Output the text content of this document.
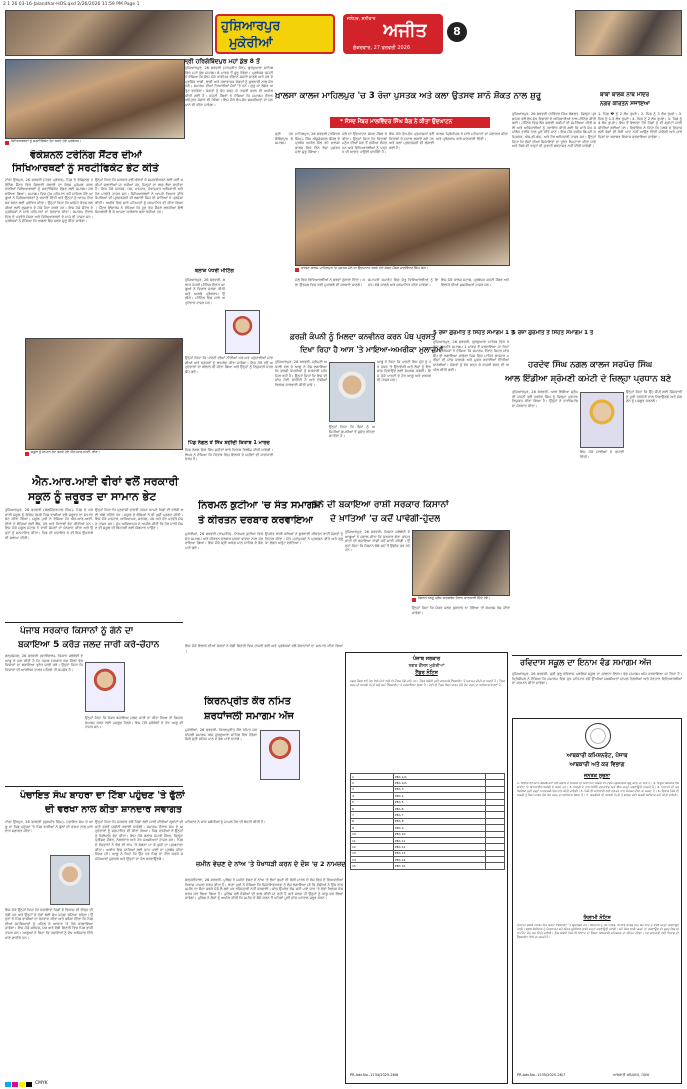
2 1 26 03-16-Jalandhar-HOS.qxd 2/26/2026 11:59 PM Page 1
ਹੁਸ਼ਿਆਰਪੁਰ
ਮੁਕੇਰੀਆਂ
ਜਲੰਧਰ, ਸ਼ਨੀਵਾਰ
ਅਜੀਤ
ਸ਼ੁੱਕਰਵਾਰ, 27 ਫਰਵਰੀ 2026
8
ਸਿਖਿਆਰਥਣਾਂ ਨੂੰ ਸਰਟੀਫਿਕੇਟ ਭੇਟ ਕਰਦੇ ਹੋਏ ਪ੍ਰਬੰਧਕ।
ਸ੍ਰੀ ਹਰਿਗੋਬਿੰਦਪੁਰ ਮਹਾਂ ਕੁੰਭ 8 ਤੋਂ
ਵੋਕੇਸ਼ਨਲ ਟਰੇਨਿੰਗ ਸੈਂਟਰ ਦੀਆਂ
ਸਿਖਿਆਰਥਣਾਂ ਨੂੰ ਸਰਟੀਫਿਕੇਟ ਭੇਟ ਕੀਤੇ
ਟਾਂਡਾ ਉੜਮੁੜ, 26 ਫਰਵਰੀ (ਪੱਤਰ ਪ੍ਰੇਰਕ)- ਪਿੰਡ ਦੇ ਵੋਕੇਸ਼ਨਲ ਟਰੇਨਿੰਗ ਸੈਂਟਰ ਵਿਖੇ ਸਿਲਾਈ ਕਢਾਈ ਦਾ ਕੋਰਸ ਮੁਕੰਮਲ ਕਰਨ ਵਾਲੀਆਂ ਸਿਖਿਆਰਥਣਾਂ ਨੂੰ ਸਰਟੀਫਿਕੇਟ ਵੰਡਣ ਲਈ ਸਮਾਗਮ ਕਰਵਾਇਆ ਗਿਆ। ਸਮਾਗਮ ਵਿਚ ਮੁੱਖ ਮਹਿਮਾਨ ਵਜੋਂ ਸ਼ਾਮਿਲ ਹੋਏ ਆਗੂਆਂ ਨੇ ਸਿਖਿਆਰਥਣਾਂ ਨੂੰ ਵਧਾਈ ਦਿੱਤੀ ਅਤੇ ਉਨ੍ਹਾਂ ਨੂੰ ਆਤਮ ਨਿਰਭਰ ਬਣਨ ਲਈ ਪ੍ਰੇਰਿਤ ਕੀਤਾ। ਉਨ੍ਹਾਂ ਕਿਹਾ ਕਿ ਅਜਿਹੇ ਕੋਰਸ ਲੜਕੀਆਂ ਲਈ ਰੁਜ਼ਗਾਰ ਦੇ ਮੌਕੇ ਪੈਦਾ ਕਰਦੇ ਹਨ। ਇਸ ਮੌਕੇ ਸੈਂਟਰ ਦੇ ਪ੍ਰਬੰਧਕਾਂ ਨੇ ਸਾਰੇ ਮਹਿਮਾਨਾਂ ਦਾ ਧੰਨਵਾਦ ਕੀਤਾ। ਸਮਾਗਮ ਦੌਰਾਨ ਪਿੰਡ ਦੇ ਪਤਵੰਤੇ ਸੱਜਣ ਅਤੇ ਸਿਖਿਆਰਥਣਾਂ ਦੇ ਮਾਪੇ ਵੀ ਹਾਜ਼ਰ ਸਨ। ਪ੍ਰਬੰਧਕਾਂ ਨੇ ਦੱਸਿਆ ਕਿ ਅਗਲਾ ਬੈਚ ਜਲਦ ਸ਼ੁਰੂ ਕੀਤਾ ਜਾਵੇਗਾ।
ਉਨ੍ਹਾਂ ਕਿਹਾ ਕਿ ਸਰਕਾਰ ਵਲੋਂ ਔਰਤਾਂ ਦੇ ਸਸ਼ਕਤੀਕਰਨ ਲਈ ਕਈ ਸਕੀਮਾਂ ਚਲਾਈਆਂ ਜਾ ਰਹੀਆਂ ਹਨ, ਜਿਨ੍ਹਾਂ ਦਾ ਲਾਭ ਲੈਣਾ ਚਾਹੀਦਾ ਹੈ। ਇਸ ਮੌਕੇ ਸਰਪੰਚ, ਪੰਚ, ਮਾਸਟਰ, ਸੇਵਾਮੁਕਤ ਅਧਿਕਾਰੀ ਅਤੇ ਹੋਰ ਪਤਵੰਤੇ ਹਾਜ਼ਰ ਸਨ। ਸਿਖਿਆਰਥਣਾਂ ਨੇ ਆਪਣੇ ਤਿਆਰ ਕੀਤੇ ਕੱਪੜਿਆਂ ਦੀ ਪ੍ਰਦਰਸ਼ਨੀ ਵੀ ਲਗਾਈ ਜਿਸ ਦੀ ਸਾਰਿਆਂ ਨੇ ਪ੍ਰਸ਼ੰਸਾ ਕੀਤੀ। ਅਖੀਰ ਵਿਚ ਸਾਰੇ ਮਹਿਮਾਨਾਂ ਨੂੰ ਸਨਮਾਨਿਤ ਵੀ ਕੀਤਾ ਗਿਆ। ਸੈਂਟਰ ਇੰਚਾਰਜ ਨੇ ਦੱਸਿਆ ਕਿ ਹੁਣ ਤੱਕ ਸੈਂਕੜੇ ਲੜਕੀਆਂ ਇਥੋਂ ਸਿਖਲਾਈ ਲੈ ਕੇ ਆਪਣਾ ਕਾਰੋਬਾਰ ਚਲਾ ਰਹੀਆਂ ਹਨ।
ਸਕੂਲ ਨੂੰ ਸਾਮਾਨ ਭੇਟ ਕਰਦੇ ਹੋਏ ਐਨ.ਆਰ.ਆਈ. ਵੀਰ।
ਐਨ.ਆਰ.ਆਈ ਵੀਰਾਂ ਵਲੋਂ ਸਰਕਾਰੀ
ਸਕੂਲ ਨੂੰ ਜ਼ਰੂਰਤ ਦਾ ਸਾਮਾਨ ਭੇਟ
ਹੁਸ਼ਿਆਰਪੁਰ, 26 ਫਰਵਰੀ (ਬਲਜਿੰਦਰਪਾਲ ਸਿੰਘ)- ਪਿੰਡ ਦੇ ਸਰਕਾਰੀ ਸਕੂਲ ਨੂੰ ਵਿਦੇਸ਼ ਵਸਦੇ ਪਿੰਡ ਵਾਸੀਆਂ ਵਲੋਂ ਜ਼ਰੂਰਤ ਦਾ ਸਾਮਾਨ ਭੇਟ ਕੀਤਾ ਗਿਆ। ਸਕੂਲ ਮੁਖੀ ਨੇ ਦੱਸਿਆ ਕਿ ਐਨ.ਆਰ.ਆਈ. ਵੀਰਾਂ ਨੇ ਬੱਚਿਆਂ ਲਈ ਬੈਂਚ, ਪੱਖੇ ਅਤੇ ਕਿਤਾਬਾਂ ਭੇਟ ਕੀਤੀਆਂ ਹਨ। ਇਸ ਮੌਕੇ ਸਕੂਲ ਸਟਾਫ਼ ਨੇ ਦਾਨੀ ਸੱਜਣਾਂ ਦਾ ਧੰਨਵਾਦ ਕੀਤਾ ਅਤੇ ਉਨ੍ਹਾਂ ਨੂੰ ਸਨਮਾਨਿਤ ਕੀਤਾ। ਪਿੰਡ ਦੀ ਪੰਚਾਇਤ ਨੇ ਵੀ ਇਸ ਉਪਰਾਲੇ ਦੀ ਸ਼ਲਾਘਾ ਕੀਤੀ।
ਉਨ੍ਹਾਂ ਕਿਹਾ ਕਿ ਪ੍ਰਵਾਸੀ ਭਾਰਤੀ ਹਮੇਸ਼ਾ ਆਪਣੇ ਪਿੰਡਾਂ ਦੀ ਤਰੱਕੀ ਲਈ ਅੱਗੇ ਰਹਿੰਦੇ ਹਨ। ਸਕੂਲ ਦੇ ਬੱਚਿਆਂ ਨੇ ਵੀ ਖੁਸ਼ੀ ਪ੍ਰਗਟ ਕੀਤੀ। ਇਸ ਮੌਕੇ ਮਾਸਟਰ, ਅਧਿਆਪਕ, ਸਰਪੰਚ, ਪੰਚ ਅਤੇ ਹੋਰ ਪਤਵੰਤੇ ਸੱਜਣ ਹਾਜ਼ਰ ਸਨ। ਮੁੱਖ ਅਧਿਆਪਕ ਨੇ ਅਪੀਲ ਕੀਤੀ ਕਿ ਹੋਰ ਦਾਨੀ ਸੱਜਣ ਵੀ ਸਕੂਲ ਦੀ ਬਿਹਤਰੀ ਲਈ ਯੋਗਦਾਨ ਪਾਉਣ।
ਪੰਜਾਬ ਸਰਕਾਰ ਕਿਸਾਨਾਂ ਨੂੰ ਗੰਨੇ ਦਾ
ਬਕਾਇਆ 5 ਕਰੋੜ ਜਲਦ ਜਾਰੀ ਕਰੇ-ਚੌਹਾਨ
ਗੜ੍ਹਸ਼ੰਕਰ, 26 ਫਰਵਰੀ (ਧਾਲੀਵਾਲ)- ਕਿਸਾਨ ਜਥੇਬੰਦੀ ਦੇ ਆਗੂ ਨੇ ਮੰਗ ਕੀਤੀ ਹੈ ਕਿ ਪੰਜਾਬ ਸਰਕਾਰ ਖੰਡ ਮਿੱਲਾਂ ਵੱਲ ਕਿਸਾਨਾਂ ਦਾ ਬਕਾਇਆ ਤੁਰੰਤ ਜਾਰੀ ਕਰੇ। ਉਨ੍ਹਾਂ ਕਿਹਾ ਕਿ ਕਿਸਾਨਾਂ ਦੀ ਆਰਥਿਕ ਹਾਲਤ ਪਹਿਲਾਂ ਹੀ ਕਮਜ਼ੋਰ ਹੈ।
ਉਨ੍ਹਾਂ ਕਿਹਾ ਕਿ ਜੇਕਰ ਬਕਾਇਆ ਜਲਦ ਜਾਰੀ ਨਾ ਕੀਤਾ ਗਿਆ ਤਾਂ ਕਿਸਾਨ ਸੰਘਰਸ਼ ਕਰਨ ਲਈ ਮਜਬੂਰ ਹੋਣਗੇ। ਇਸ ਮੌਕੇ ਜਥੇਬੰਦੀ ਦੇ ਹੋਰ ਆਗੂ ਵੀ ਹਾਜ਼ਰ ਸਨ।
ਪੰਚਾਇਤ ਸੰਘ ਬਾਹਰਾ ਦਾ ਟਿੱਬਾ ਪਹੁੰਚਣ 'ਤੇ ਫੁੱਲਾਂ
ਦੀ ਵਰਖਾ ਨਾਲ ਕੀਤਾ ਸ਼ਾਨਦਾਰ ਸਵਾਗਤ
ਟਾਂਡਾ ਉੜਮੁੜ, 26 ਫਰਵਰੀ (ਗੁਰਮੀਤ ਸਿੰਘ)- ਪੰਚਾਇਤ ਸੰਘ ਦੇ ਆਗੂ ਦਾ ਪਿੰਡ ਪਹੁੰਚਣ 'ਤੇ ਪਿੰਡ ਵਾਸੀਆਂ ਨੇ ਫੁੱਲਾਂ ਦੀ ਵਰਖਾ ਨਾਲ ਸ਼ਾਨਦਾਰ ਸਵਾਗਤ ਕੀਤਾ।
ਇਸ ਮੌਕੇ ਉਨ੍ਹਾਂ ਕਿਹਾ ਕਿ ਪੰਚਾਇਤਾਂ ਪਿੰਡਾਂ ਦੇ ਵਿਕਾਸ ਦੀ ਰੀੜ੍ਹ ਦੀ ਹੱਡੀ ਹਨ ਅਤੇ ਉਨ੍ਹਾਂ ਦੇ ਹੱਕਾਂ ਲਈ ਸੰਘ ਹਮੇਸ਼ਾ ਡਟਿਆ ਰਹੇਗਾ। ਉਨ੍ਹਾਂ ਨੇ ਪਿੰਡ ਵਾਸੀਆਂ ਦਾ ਧੰਨਵਾਦ ਕੀਤਾ ਅਤੇ ਭਰੋਸਾ ਦਿੱਤਾ ਕਿ ਪਿੰਡ ਦੀਆਂ ਸਮੱਸਿਆਵਾਂ ਨੂੰ ਪਹਿਲ ਦੇ ਆਧਾਰ 'ਤੇ ਹੱਲ ਕਰਵਾਇਆ ਜਾਵੇਗਾ। ਇਸ ਮੌਕੇ ਸਰਪੰਚ, ਪੰਚ ਅਤੇ ਵੱਡੀ ਗਿਣਤੀ ਵਿਚ ਪਿੰਡ ਵਾਸੀ ਹਾਜ਼ਰ ਸਨ। ਆਗੂਆਂ ਨੇ ਕਿਹਾ ਕਿ ਪੰਚਾਇਤਾਂ ਨੂੰ ਵੱਧ ਅਧਿਕਾਰ ਦਿੱਤੇ ਜਾਣੇ ਚਾਹੀਦੇ ਹਨ।
ਉਨ੍ਹਾਂ ਕਿਹਾ ਕਿ ਸਰਕਾਰ ਵਲੋਂ ਪਿੰਡਾਂ ਲਈ ਜਾਰੀ ਕੀਤੀਆਂ ਗ੍ਰਾਂਟਾਂ ਦੀ ਸਹੀ ਵਰਤੋਂ ਯਕੀਨੀ ਬਣਾਈ ਜਾਵੇਗੀ। ਸਮਾਗਮ ਦੌਰਾਨ ਸੰਘ ਦੇ ਅਹੁਦੇਦਾਰਾਂ ਨੂੰ ਸਨਮਾਨਿਤ ਵੀ ਕੀਤਾ ਗਿਆ। ਪਿੰਡ ਵਾਸੀਆਂ ਨੇ ਉਨ੍ਹਾਂ ਨੂੰ ਸਿਰੋਪਾਓ ਭੇਟ ਕੀਤਾ। ਇਸ ਮੌਕੇ ਬਲਾਕ ਸੰਮਤੀ ਮੈਂਬਰ, ਜ਼ਿਲ੍ਹਾ ਪ੍ਰੀਸ਼ਦ ਮੈਂਬਰ, ਨੰਬਰਦਾਰ ਅਤੇ ਹੋਰ ਸ਼ਖ਼ਸੀਅਤਾਂ ਹਾਜ਼ਰ ਸਨ। ਪਿੰਡ ਦੇ ਨੌਜਵਾਨਾਂ ਨੇ ਢੋਲ ਦੀ ਥਾਪ 'ਤੇ ਭੰਗੜਾ ਪਾ ਕੇ ਖੁਸ਼ੀ ਦਾ ਪ੍ਰਗਟਾਵਾ ਕੀਤਾ। ਅਖੀਰ ਵਿਚ ਸਾਰਿਆਂ ਲਈ ਚਾਹ ਪਾਣੀ ਦਾ ਪ੍ਰਬੰਧ ਕੀਤਾ ਗਿਆ ਸੀ। ਆਗੂ ਨੇ ਕਿਹਾ ਕਿ ਉਹ ਹਰ ਪਿੰਡ ਦਾ ਦੌਰਾ ਕਰਕੇ ਸਮੱਸਿਆਵਾਂ ਸੁਣਨਗੇ ਅਤੇ ਉਨ੍ਹਾਂ ਦਾ ਹੱਲ ਕਰਵਾਉਣਗੇ।
ਹੁਸ਼ਿਆਰਪੁਰ, 26 ਫਰਵਰੀ (ਹਰਪ੍ਰੀਤ ਕੌਰ)- ਗੁਰਦੁਆਰਾ ਸਾਹਿਬ ਵਿਖੇ ਮਹਾਂ ਕੁੰਭ ਸਮਾਗਮ 8 ਮਾਰਚ ਤੋਂ ਸ਼ੁਰੂ ਹੋਵੇਗਾ। ਪ੍ਰਬੰਧਕ ਕਮੇਟੀ ਨੇ ਦੱਸਿਆ ਕਿ ਇਸ ਮੌਕੇ ਧਾਰਮਿਕ ਦੀਵਾਨ ਸਜਾਏ ਜਾਣਗੇ ਅਤੇ ਪੰਥ ਦੇ ਪ੍ਰਸਿੱਧ ਰਾਗੀ, ਢਾਡੀ ਅਤੇ ਕਥਾਵਾਚਕ ਸੰਗਤਾਂ ਨੂੰ ਗੁਰਬਾਣੀ ਨਾਲ ਜੋੜਨਗੇ। ਸਮਾਗਮ ਦੀਆਂ ਤਿਆਰੀਆਂ ਜ਼ੋਰਾਂ 'ਤੇ ਹਨ। ਗੁਰੂ ਕਾ ਲੰਗਰ ਅਤੁੱਟ ਵਰਤੇਗਾ। ਸੰਗਤਾਂ ਨੂੰ ਵੱਧ ਚੜ੍ਹ ਕੇ ਹਾਜ਼ਰੀ ਭਰਨ ਦੀ ਅਪੀਲ ਕੀਤੀ ਗਈ ਹੈ। ਕਮੇਟੀ ਮੈਂਬਰਾਂ ਨੇ ਦੱਸਿਆ ਕਿ ਸਮਾਗਮ ਦੌਰਾਨ ਅੰਮ੍ਰਿਤ ਸੰਚਾਰ ਵੀ ਹੋਵੇਗਾ। ਇਸ ਮੌਕੇ ਵੱਖ-ਵੱਖ ਸ਼ਖ਼ਸੀਅਤਾਂ ਦਾ ਸਨਮਾਨ ਵੀ ਕੀਤਾ ਜਾਵੇਗਾ।
ਬਲਾਕ ਪੱਧਰੀ ਮੀਟਿੰਗ
ਹੁਸ਼ਿਆਰਪੁਰ, 26 ਫਰਵਰੀ- ਬਲਾਕ ਪੱਧਰੀ ਮੀਟਿੰਗ ਦੌਰਾਨ ਆਗੂਆਂ ਨੇ ਵਿਚਾਰ ਚਰਚਾ ਕੀਤੀ ਅਤੇ ਅਗਲੇ ਪ੍ਰੋਗਰਾਮ ਉਲੀਕੇ। ਮੀਟਿੰਗ ਵਿਚ ਸਾਰੇ ਅਹੁਦੇਦਾਰ ਹਾਜ਼ਰ ਸਨ।
ਉਨ੍ਹਾਂ ਕਿਹਾ ਕਿ ਪਾਰਟੀ ਦੀਆਂ ਨੀਤੀਆਂ ਘਰ-ਘਰ ਪਹੁੰਚਾਈਆਂ ਜਾਣਗੀਆਂ ਅਤੇ ਵਰਕਰਾਂ ਨੂੰ ਲਾਮਬੰਦ ਕੀਤਾ ਜਾਵੇਗਾ। ਇਸ ਮੌਕੇ ਨਵੇਂ ਅਹੁਦੇਦਾਰਾਂ ਦਾ ਐਲਾਨ ਵੀ ਕੀਤਾ ਗਿਆ ਅਤੇ ਉਨ੍ਹਾਂ ਨੂੰ ਨਿਯੁਕਤੀ ਪੱਤਰ ਸੌਂਪੇ ਗਏ।
ਪਿੰਡ ਨੰਗਲ ਤੋਂ ਸਿੱਖ ਸ਼ਹੀਦੀ ਕਿਤਾਬ 1 ਮਾਰਚ
ਪਿੰਡ ਨੰਗਲ ਵਿਖੇ ਸਿੱਖ ਸ਼ਹੀਦਾਂ ਬਾਰੇ ਕਿਤਾਬ ਰਿਲੀਜ਼ ਕੀਤੀ ਜਾਵੇਗੀ। ਲੇਖਕ ਨੇ ਦੱਸਿਆ ਕਿ ਕਿਤਾਬ ਵਿਚ ਇਲਾਕੇ ਦੇ ਸ਼ਹੀਦਾਂ ਦੀ ਜਾਣਕਾਰੀ ਦਰਜ ਹੈ।
ਖ਼ਾਲਸਾ ਕਾਲਜ ਮਾਹਿਲਪੁਰ 'ਚ 3 ਰੋਜ਼ਾ ਪੁਸਤਕ ਅਤੇ ਕਲਾ ਉਤਸਵ ਸ਼ਾਨੋ ਸ਼ੌਕਤ ਨਾਲ ਸ਼ੁਰੂ
* ਸੰਸਦ ਮੈਂਬਰ ਮਾਲਵਿੰਦਰ ਸਿੰਘ ਕੰਗ ਨੇ ਕੀਤਾ ਉਦਘਾਟਨ
ਮਾਹਿਲਪੁਰ, 26 ਫਰਵਰੀ (ਰਜਿੰਦਰ ਸਿੰਘ)- ਸਿੱਖ ਐਜੂਕੇਸ਼ਨਲ ਕੌਂਸਲ ਦੇ ਪ੍ਰਬੰਧ ਅਧੀਨ ਚੱਲ ਰਹੇ ਖ਼ਾਲਸਾ ਕਾਲਜ ਵਿਖੇ ਤਿੰਨ ਰੋਜ਼ਾ ਪੁਸਤਕ ਮੇਲਾ ਸ਼ੁਰੂ ਹੋਇਆ।
ਮੇਲੇ ਦਾ ਉਦਘਾਟਨ ਸੰਸਦ ਮੈਂਬਰ ਨੇ ਕੀਤਾ। ਉਨ੍ਹਾਂ ਕਿਹਾ ਕਿ ਕਿਤਾਬਾਂ ਮਨੁੱਖ ਦੀਆਂ ਸਭ ਤੋਂ ਵਧੀਆ ਦੋਸਤ ਹਨ ਅਤੇ ਵਿਦਿਆਰਥੀਆਂ ਨੂੰ ਪੜ੍ਹਨ ਦੀ ਆਦਤ ਪਾਉਣੀ ਚਾਹੀਦੀ ਹੈ।
ਇਸ ਮੌਕੇ ਵੱਖ-ਵੱਖ ਪ੍ਰਕਾਸ਼ਕਾਂ ਵਲੋਂ ਕਿਤਾਬਾਂ ਦੇ ਸਟਾਲ ਲਗਾਏ ਗਏ ਹਨ ਅਤੇ ਕਲਾ ਪ੍ਰਦਰਸ਼ਨੀ ਵੀ ਲਗਾਈ ਗਈ ਹੈ।
ਕਾਲਜ ਪ੍ਰਿੰਸੀਪਲ ਨੇ ਸਾਰੇ ਮਹਿਮਾਨਾਂ ਦਾ ਸਵਾਗਤ ਕੀਤਾ ਅਤੇ ਪ੍ਰੋਗਰਾਮ ਬਾਰੇ ਜਾਣਕਾਰੀ ਦਿੱਤੀ।
ਖ਼ਾਲਸਾ ਕਾਲਜ ਮਾਹਿਲਪੁਰ 'ਚ ਪੁਸਤਕ ਮੇਲੇ ਦਾ ਉਦਘਾਟਨ ਕਰਦੇ ਹੋਏ ਸੰਸਦ ਮੈਂਬਰ ਮਾਲਵਿੰਦਰ ਸਿੰਘ ਕੰਗ।
ਸ੍ਰੀ ਹਰਗੋਬਿੰਦਪੁਰ ਦੇ ਸਮਾਗਮ
ਮੇਲੇ ਵਿਚ ਵਿਦਿਆਰਥੀਆਂ ਨੇ ਭਰਵਾਂ ਹੁੰਗਾਰਾ ਦਿੱਤਾ। ਕਲਾ ਉਤਸਵ ਵਿਚ ਕਈ ਮੁਕਾਬਲੇ ਵੀ ਕਰਵਾਏ ਜਾਣਗੇ।
ਸਮਾਪਤੀ ਸਮਾਰੋਹ ਵਿਚ ਜੇਤੂ ਵਿਦਿਆਰਥੀਆਂ ਨੂੰ ਇਨਾਮ ਵੰਡੇ ਜਾਣਗੇ ਅਤੇ ਸਨਮਾਨਿਤ ਕੀਤਾ ਜਾਵੇਗਾ।
ਇਸ ਮੌਕੇ ਕਾਲਜ ਸਟਾਫ਼, ਪ੍ਰਬੰਧਕ ਕਮੇਟੀ ਮੈਂਬਰ ਅਤੇ ਇਲਾਕੇ ਦੀਆਂ ਸ਼ਖ਼ਸੀਅਤਾਂ ਹਾਜ਼ਰ ਸਨ।
ਫ਼ਰਜ਼ੀ ਕੰਪਨੀ ਨੂੰ ਮਿਲਦਾ ਕਨਵੀਨਰ ਕਰਨ ਪੰਥ ਪ੍ਰਸਤ
ਦਿਖਾ ਰਿਹਾ ਹੈ ਆਸ 'ਤੇ ਮਾਇਆ-ਅਮਰੀਕਾ ਮੁਲਾਜ਼ਮਾਂ
ਹੁਸ਼ਿਆਰਪੁਰ, 26 ਫਰਵਰੀ- ਸ਼੍ਰੋਮਣੀ ਅਕਾਲੀ ਦਲ ਦੇ ਆਗੂ ਨੇ ਦੋਸ਼ ਲਗਾਇਆ ਕਿ ਫ਼ਰਜ਼ੀ ਕੰਪਨੀਆਂ ਨੂੰ ਸਰਕਾਰੀ ਸ਼ਹਿ ਮਿਲ ਰਹੀ ਹੈ। ਉਨ੍ਹਾਂ ਕਿਹਾ ਕਿ ਇਸ ਦੀ ਜਾਂਚ ਹੋਣੀ ਚਾਹੀਦੀ ਹੈ ਅਤੇ ਦੋਸ਼ੀਆਂ ਖਿਲਾਫ਼ ਕਾਰਵਾਈ ਕੀਤੀ ਜਾਵੇ।
ਉਨ੍ਹਾਂ ਕਿਹਾ ਕਿ ਲੋਕਾਂ ਨੂੰ ਅਜਿਹੀਆਂ ਕੰਪਨੀਆਂ ਤੋਂ ਸੁਚੇਤ ਰਹਿਣਾ ਚਾਹੀਦਾ ਹੈ।
ਆਗੂ ਨੇ ਕਿਹਾ ਕਿ ਪਾਰਟੀ ਇਸ ਮੁੱਦੇ ਨੂੰ ਹਰ ਪੱਧਰ 'ਤੇ ਉਠਾਏਗੀ ਅਤੇ ਲੋਕਾਂ ਨੂੰ ਇਨਸਾਫ਼ ਦਿਵਾਉਣ ਲਈ ਸੰਘਰਸ਼ ਕਰੇਗੀ। ਇਸ ਮੌਕੇ ਪਾਰਟੀ ਦੇ ਹੋਰ ਆਗੂ ਅਤੇ ਵਰਕਰ ਵੀ ਹਾਜ਼ਰ ਸਨ।
5 ਰੋਜ਼ਾ ਗੁਰਮਤਿ ਤੇ ਸਿਹਤ ਸਮਾਗਮ 1 ਤੋਂ
ਹੁਸ਼ਿਆਰਪੁਰ, 26 ਫਰਵਰੀ- ਗੁਰਦੁਆਰਾ ਸਾਹਿਬ ਵਿਖੇ 5 ਰੋਜ਼ਾ ਗੁਰਮਤਿ ਸਮਾਗਮ 1 ਮਾਰਚ ਤੋਂ ਕਰਵਾਇਆ ਜਾ ਰਿਹਾ ਹੈ। ਪ੍ਰਬੰਧਕਾਂ ਨੇ ਦੱਸਿਆ ਕਿ ਸਮਾਗਮ ਦੌਰਾਨ ਸਿਹਤ ਜਾਂਚ ਕੈਂਪ ਵੀ ਲਗਾਇਆ ਜਾਵੇਗਾ ਜਿਸ ਵਿਚ ਮਾਹਿਰ ਡਾਕਟਰ ਮਰੀਜ਼ਾਂ ਦੀ ਜਾਂਚ ਕਰਨਗੇ ਅਤੇ ਮੁਫ਼ਤ ਦਵਾਈਆਂ ਦਿੱਤੀਆਂ ਜਾਣਗੀਆਂ। ਸੰਗਤਾਂ ਨੂੰ ਵੱਧ ਚੜ੍ਹ ਕੇ ਹਾਜ਼ਰੀ ਭਰਨ ਦੀ ਅਪੀਲ ਕੀਤੀ ਗਈ।
ਬਾਬਾ ਬਾਲਕ ਨਾਥ ਮੰਦਿਰ
ਨਗਰ ਕੀਰਤਨ ਸਜਾਇਆ
ਹੁਸ਼ਿਆਰਪੁਰ, 26 ਫਰਵਰੀ (ਨਰਿੰਦਰ ਸਿੰਘ ਬੱਡਲਾ)- ਜ਼ਿਲ੍ਹਾ ਪ੍ਰਸ਼ਾਸਨ ਵਲੋਂ ਵੱਖ-ਵੱਖ ਵਿਭਾਗਾਂ ਦੇ ਅਧਿਕਾਰੀਆਂ ਨਾਲ ਮੀਟਿੰਗ ਕੀਤੀ ਗਈ। ਮੀਟਿੰਗ ਵਿਚ ਲੋਕ ਭਲਾਈ ਸਕੀਮਾਂ ਦੀ ਸਮੀਖਿਆ ਕੀਤੀ ਗਈ ਅਤੇ ਅਧਿਕਾਰੀਆਂ ਨੂੰ ਹਦਾਇਤ ਕੀਤੀ ਗਈ ਕਿ ਸਾਰੇ ਕੰਮ ਸਮਾਂਬੱਧ ਤਰੀਕੇ ਨਾਲ ਪੂਰੇ ਕੀਤੇ ਜਾਣ। ਇਸ ਮੌਕੇ ਵਧੀਕ ਡਿਪਟੀ ਕਮਿਸ਼ਨਰ, ਐਸ.ਡੀ.ਐਮ. ਅਤੇ ਹੋਰ ਅਧਿਕਾਰੀ ਹਾਜ਼ਰ ਸਨ। ਉਨ੍ਹਾਂ ਕਿਹਾ ਕਿ ਲੋਕਾਂ ਦੀਆਂ ਸ਼ਿਕਾਇਤਾਂ ਦਾ ਤੁਰੰਤ ਨਿਪਟਾਰਾ ਕੀਤਾ ਜਾਵੇ ਅਤੇ ਕਿਸੇ ਵੀ ਤਰ੍ਹਾਂ ਦੀ ਕੁਤਾਹੀ ਬਰਦਾਸ਼ਤ ਨਹੀਂ ਕੀਤੀ ਜਾਵੇਗੀ।
1. ਪਿੰਡ � ਨੂੰ 2 ਲੱਖ ਰੁਪਏ। 2. ਪਿੰਡ ਨੂੰ 3 ਲੱਖ ਰੁਪਏ। 3. ਪਿੰਡ ਨੂੰ 1.5 ਲੱਖ ਰੁਪਏ। 4. ਪਿੰਡ ਨੂੰ 2 ਲੱਖ ਰੁਪਏ। 5. ਪਿੰਡ ਨੂੰ 4 ਲੱਖ ਰੁਪਏ। ਇਸ ਤੋਂ ਇਲਾਵਾ ਹੋਰ ਪਿੰਡਾਂ ਨੂੰ ਵੀ ਗ੍ਰਾਂਟਾਂ ਜਾਰੀ ਕੀਤੀਆਂ ਗਈਆਂ ਹਨ। ਵਿਧਾਇਕ ਨੇ ਕਿਹਾ ਕਿ ਹਲਕੇ ਦੇ ਵਿਕਾਸ ਲਈ ਫੰਡਾਂ ਦੀ ਕੋਈ ਘਾਟ ਨਹੀਂ ਆਉਣ ਦਿੱਤੀ ਜਾਵੇਗੀ ਅਤੇ ਸਾਰੇ ਪਿੰਡਾਂ ਦਾ ਬਰਾਬਰ ਵਿਕਾਸ ਕਰਵਾਇਆ ਜਾਵੇਗਾ।
5 ਰੋਜ਼ਾ ਗੁਰਮਤਿ ਤੇ ਸਿਹਤ ਸਮਾਗਮ 1 ਤੋਂ
ਹਰਦੇਵ ਸਿੰਘ ਨਗਲ ਕਾਲਜ ਸਰਪੰਚ ਸਿੰਘ
ਆਲ ਇੰਡੀਆ ਸ਼੍ਰੋਮਣੀ ਕਮੇਟੀ ਦੇ ਜ਼ਿਲ੍ਹਾ ਪ੍ਰਧਾਨ ਬਣੇ
ਹੁਸ਼ਿਆਰਪੁਰ, 26 ਫਰਵਰੀ- ਆਲ ਇੰਡੀਆ ਸ਼੍ਰੋਮਣੀ ਕਮੇਟੀ ਵਲੋਂ ਹਰਦੇਵ ਸਿੰਘ ਨੂੰ ਜ਼ਿਲ੍ਹਾ ਪ੍ਰਧਾਨ ਨਿਯੁਕਤ ਕੀਤਾ ਗਿਆ ਹੈ। ਉਨ੍ਹਾਂ ਨੇ ਹਾਈਕਮਾਂਡ ਦਾ ਧੰਨਵਾਦ ਕੀਤਾ।
ਉਨ੍ਹਾਂ ਕਿਹਾ ਕਿ ਉਹ ਸੌਂਪੀ ਗਈ ਜ਼ਿੰਮੇਵਾਰੀ ਨੂੰ ਪੂਰੀ ਤਨਦੇਹੀ ਨਾਲ ਨਿਭਾਉਣਗੇ ਅਤੇ ਸੰਗਠਨ ਨੂੰ ਮਜ਼ਬੂਤ ਕਰਨਗੇ।
ਇਸ ਮੌਕੇ ਸਾਥੀਆਂ ਨੇ ਵਧਾਈ ਦਿੱਤੀ।
ਗੰਨੇ ਦੀ ਬਕਾਇਆ ਰਾਸ਼ੀ ਸਰਕਾਰ ਕਿਸਾਨਾਂ
ਦੇ ਖ਼ਾਤਿਆਂ 'ਚ ਕਦੋਂ ਪਾਵੇਗੀ-ਹੁੰਦਲ
ਹੁਸ਼ਿਆਰਪੁਰ, 26 ਫਰਵਰੀ- ਕਿਸਾਨ ਜਥੇਬੰਦੀ ਦੇ ਆਗੂਆਂ ਨੇ ਸਵਾਲ ਕੀਤਾ ਕਿ ਸਰਕਾਰ ਗੰਨਾ ਕਾਸ਼ਤਕਾਰਾਂ ਦੀ ਬਕਾਇਆ ਰਾਸ਼ੀ ਕਦੋਂ ਜਾਰੀ ਕਰੇਗੀ। ਉਨ੍ਹਾਂ ਕਿਹਾ ਕਿ ਕਿਸਾਨ ਲੰਬੇ ਸਮੇਂ ਤੋਂ ਉਡੀਕ ਕਰ ਰਹੇ ਹਨ।
ਕਿਸਾਨ ਆਗੂ ਪ੍ਰੈਸ ਕਾਨਫਰੰਸ ਦੌਰਾਨ ਜਾਣਕਾਰੀ ਦਿੰਦੇ ਹੋਏ।
ਉਨ੍ਹਾਂ ਕਿਹਾ ਕਿ ਜੇਕਰ ਜਲਦ ਭੁਗਤਾਨ ਨਾ ਹੋਇਆ ਤਾਂ ਸੰਘਰਸ਼ ਤੇਜ਼ ਕੀਤਾ ਜਾਵੇਗਾ।
ਨਿਰਮਲ ਕੁਟੀਆ 'ਚ ਸੰਤ ਸਮਾਗਮ
ਤੇ ਕੀਰਤਨ ਦਰਬਾਰ ਕਰਵਾਇਆ
ਮੁਕੇਰੀਆਂ, 26 ਫਰਵਰੀ (ਰਾਮਜੀਤ)- ਨਿਰਮਲ ਕੁਟੀਆ ਵਿਖੇ ਸੰਤ ਸਮਾਗਮ ਅਤੇ ਕੀਰਤਨ ਦਰਬਾਰ ਸ਼ਰਧਾ ਭਾਵਨਾ ਨਾਲ ਕਰਵਾਇਆ ਗਿਆ। ਇਸ ਮੌਕੇ ਸ੍ਰੀ ਅਖੰਡ ਪਾਠ ਸਾਹਿਬ ਦੇ ਭੋਗ ਪਾਏ ਗਏ।
ਉਪਰੰਤ ਰਾਗੀ ਜਥਿਆਂ ਨੇ ਗੁਰਬਾਣੀ ਕੀਰਤਨ ਰਾਹੀਂ ਸੰਗਤਾਂ ਨੂੰ ਨਿਹਾਲ ਕੀਤਾ। ਸੰਤ ਮਹਾਂਪੁਰਸ਼ਾਂ ਨੇ ਪ੍ਰਵਚਨ ਕੀਤੇ ਅਤੇ ਗੁਰੂ ਕਾ ਲੰਗਰ ਅਤੁੱਟ ਵਰਤਿਆ।
ਇਸ ਮੌਕੇ ਇਲਾਕੇ ਦੀਆਂ ਸੰਗਤਾਂ ਨੇ ਵੱਡੀ ਗਿਣਤੀ ਵਿਚ ਹਾਜ਼ਰੀ ਭਰੀ ਅਤੇ ਪ੍ਰਬੰਧਕਾਂ ਵਲੋਂ ਸੇਵਾਦਾਰਾਂ ਦਾ ਸਨਮਾਨ ਕੀਤਾ ਗਿਆ।
ਕਿਰਨਪ੍ਰੀਤ ਕੌਰ ਨਮਿਤ
ਸ਼ਰਧਾਂਜਲੀ ਸਮਾਗਮ ਅੱਜ
ਮੁਕੇਰੀਆਂ, 26 ਫਰਵਰੀ- ਕਿਰਨਪ੍ਰੀਤ ਕੌਰ ਨਮਿਤ ਸ਼ਰਧਾਂਜਲੀ ਸਮਾਗਮ ਅੱਜ ਗੁਰਦੁਆਰਾ ਸਾਹਿਬ ਵਿਖੇ ਹੋਵੇਗਾ ਜਿਥੇ ਸ੍ਰੀ ਸਹਿਜ ਪਾਠ ਦੇ ਭੋਗ ਪਾਏ ਜਾਣਗੇ।
ਪਰਿਵਾਰ ਨੇ ਸਾਕ ਸਬੰਧੀਆਂ ਨੂੰ ਸ਼ਾਮਲ ਹੋਣ ਦੀ ਬੇਨਤੀ ਕੀਤੀ ਹੈ।
ਜ਼ਮੀਨ ਵੇਚਣ ਦੇ ਨਾਂਅ 'ਤੇ ਧੋਖਾਧੜੀ ਕਰਨ ਦੇ ਦੋਸ਼ 'ਚ 2 ਨਾਮਜ਼ਦ
ਗੜ੍ਹਦੀਵਾਲਾ, 26 ਫਰਵਰੀ- ਪੁਲਿਸ ਨੇ ਜ਼ਮੀਨ ਵੇਚਣ ਦੇ ਨਾਂਅ 'ਤੇ ਲੱਖਾਂ ਰੁਪਏ ਦੀ ਠੱਗੀ ਮਾਰਨ ਦੇ ਦੋਸ਼ ਵਿਚ ਦੋ ਵਿਅਕਤੀਆਂ ਖਿਲਾਫ਼ ਮਾਮਲਾ ਦਰਜ ਕੀਤਾ ਹੈ। ਥਾਣਾ ਮੁਖੀ ਨੇ ਦੱਸਿਆ ਕਿ ਸ਼ਿਕਾਇਤਕਰਤਾ ਨੇ ਦੋਸ਼ ਲਗਾਇਆ ਸੀ ਕਿ ਦੋਸ਼ੀਆਂ ਨੇ ਉਸ ਨਾਲ ਜ਼ਮੀਨ ਦਾ ਸੌਦਾ ਕਰਕੇ ਪੈਸੇ ਲੈ ਲਏ ਪਰ ਰਜਿਸਟਰੀ ਨਹੀਂ ਕਰਵਾਈ। ਜਾਂਚ ਉਪਰੰਤ ਦੋਸ਼ ਸਹੀ ਪਾਏ ਜਾਣ 'ਤੇ ਦੋਵਾਂ ਖਿਲਾਫ਼ ਕੇਸ ਦਰਜ ਕਰ ਲਿਆ ਗਿਆ ਹੈ। ਪੁਲਿਸ ਵਲੋਂ ਦੋਸ਼ੀਆਂ ਦੀ ਭਾਲ ਕੀਤੀ ਜਾ ਰਹੀ ਹੈ ਅਤੇ ਜਲਦ ਹੀ ਉਨ੍ਹਾਂ ਨੂੰ ਕਾਬੂ ਕਰ ਲਿਆ ਜਾਵੇਗਾ। ਪੁਲਿਸ ਨੇ ਲੋਕਾਂ ਨੂੰ ਅਪੀਲ ਕੀਤੀ ਕਿ ਜ਼ਮੀਨ ਦੇ ਸੌਦੇ ਕਰਨ ਤੋਂ ਪਹਿਲਾਂ ਪੂਰੀ ਜਾਂਚ ਪੜਤਾਲ ਜ਼ਰੂਰ ਕਰਨ।
ਪੰਜਾਬ ਸਰਕਾਰ
ਨਗਰ ਕੌਂਸਲ ਮੁਕੇਰੀਆਂ
ਟੈਂਡਰ ਨੋਟਿਸ
ਨਗਰ ਕੌਂਸਲ ਵਲੋਂ ਹੇਠ ਲਿਖੇ ਕੰਮਾਂ ਲਈ ਈ-ਟੈਂਡਰ ਮੰਗੇ ਜਾਂਦੇ ਹਨ। ਟੈਂਡਰ ਸਬੰਧੀ ਪੂਰੀ ਜਾਣਕਾਰੀ ਵੈੱਬਸਾਈਟ ਤੋਂ ਪ੍ਰਾਪਤ ਕੀਤੀ ਜਾ ਸਕਦੀ ਹੈ। ਟੈਂਡਰ ਭਰਨ ਦੀ ਆਖਰੀ ਮਿਤੀ ਅਤੇ ਸਮਾਂ ਵੈੱਬਸਾਈਟ 'ਤੇ ਦਰਸਾਇਆ ਗਿਆ ਹੈ। ਕੋਈ ਵੀ ਟੈਂਡਰ ਬਿਨਾਂ ਕਾਰਨ ਦੱਸੇ ਰੱਦ ਕਰਨ ਦਾ ਅਧਿਕਾਰ ਰਾਖਵਾਂ ਹੈ।
1	PEA 1/A	
2	PEA 2/A	
3	PEA 3	
4	PEA 4	
5	PEA 5	
6	PEA 6	
7	PEA 7	
8	PEA 8	
9	PEA 9	
10	PEA 10	
11	PEA 11	
12	PEA 12	
13	PEA 13	
14	PEA 14	
15	PEA 15	
PR-Adv.No.-1234/2025-26/6
ਰਵਿਦਾਸ ਸਕੂਲ ਦਾ ਇਨਾਮ ਵੰਡ ਸਮਾਗਮ ਅੱਜ
ਹੁਸ਼ਿਆਰਪੁਰ, 26 ਫਰਵਰੀ- ਸ੍ਰੀ ਗੁਰੂ ਰਵਿਦਾਸ ਪਬਲਿਕ ਸਕੂਲ ਦਾ ਸਾਲਾਨਾ ਇਨਾਮ ਵੰਡ ਸਮਾਗਮ ਅੱਜ ਕਰਵਾਇਆ ਜਾ ਰਿਹਾ ਹੈ। ਪ੍ਰਿੰਸੀਪਲ ਨੇ ਦੱਸਿਆ ਕਿ ਸਮਾਗਮ ਵਿਚ ਮੁੱਖ ਮਹਿਮਾਨ ਵਜੋਂ ਉੱਘੀਆਂ ਸ਼ਖ਼ਸੀਅਤਾਂ ਸ਼ਾਮਲ ਹੋਣਗੀਆਂ ਅਤੇ ਹੋਣਹਾਰ ਵਿਦਿਆਰਥੀਆਂ ਦਾ ਸਨਮਾਨ ਕੀਤਾ ਜਾਵੇਗਾ।
ਆਬਕਾਰੀ ਕਮਿਸ਼ਨਰੇਟ, ਪੰਜਾਬ
ਆਬਕਾਰੀ ਅਤੇ ਕਰ ਵਿਭਾਗ
ਜਨਤਕ ਸੂਚਨਾ
1. ਵਿਭਾਗ ਵਲੋਂ ਸਾਲ 2026-27 ਲਈ ਸ਼ਰਾਬ ਦੇ ਠੇਕਿਆਂ ਦੀ ਅਲਾਟਮੈਂਟ ਸਬੰਧੀ ਈ-ਟੈਂਡਰ ਪ੍ਰਕਿਰਿਆ ਸ਼ੁਰੂ ਕੀਤੀ ਜਾ ਰਹੀ ਹੈ। 2. ਇੱਛੁਕ ਬਿਨੈਕਾਰ ਵੈੱਬਸਾਈਟ 'ਤੇ ਆਨਲਾਈਨ ਅਰਜ਼ੀ ਦੇ ਸਕਦੇ ਹਨ। 3. ਅਰਜ਼ੀ ਦੇ ਨਾਲ ਲੋੜੀਂਦੇ ਦਸਤਾਵੇਜ਼ ਅਤੇ ਫੀਸ ਜਮ੍ਹਾਂ ਕਰਵਾਉਣੀ ਲਾਜ਼ਮੀ ਹੈ। 4. ਨਿਲਾਮੀ ਦੀ ਪ੍ਰਕਿਰਿਆ ਪੂਰੀ ਤਰ੍ਹਾਂ ਪਾਰਦਰਸ਼ੀ ਢੰਗ ਨਾਲ ਕੀਤੀ ਜਾਵੇਗੀ। 5. ਕਿਸੇ ਵੀ ਜਾਣਕਾਰੀ ਲਈ ਦਫ਼ਤਰ ਨਾਲ ਸੰਪਰਕ ਕੀਤਾ ਜਾ ਸਕਦਾ ਹੈ। 6. ਵਿਭਾਗ ਕਿਸੇ ਵੀ ਅਰਜ਼ੀ ਨੂੰ ਬਿਨਾਂ ਕਾਰਨ ਦੱਸੇ ਰੱਦ ਕਰਨ ਦਾ ਅਧਿਕਾਰ ਰੱਖਦਾ ਹੈ। 7. ਅਰਜ਼ੀਆਂ ਦੀ ਆਖਰੀ ਮਿਤੀ ਤੋਂ ਬਾਅਦ ਕੋਈ ਅਰਜ਼ੀ ਸਵੀਕਾਰ ਨਹੀਂ ਕੀਤੀ ਜਾਵੇਗੀ।
ਨਿਲਾਮੀ ਨੋਟਿਸ
ਨਿਲਾਮੀ ਸਬੰਧੀ ਨਿਯਮ ਅਤੇ ਸ਼ਰਤਾਂ ਵੈੱਬਸਾਈਟ 'ਤੇ ਉਪਲਬਧ ਹਨ। ਬਿਨੈਕਾਰ ਨੂੰ ਪੈਨ ਕਾਰਡ, ਆਧਾਰ ਕਾਰਡ ਅਤੇ ਬੈਂਕ ਖਾਤੇ ਦੇ ਵੇਰਵੇ ਜਮ੍ਹਾਂ ਕਰਵਾਉਣੇ ਹੋਣਗੇ। ਸਫ਼ਲ ਬੋਲੀਕਾਰ ਨੂੰ ਨਿਰਧਾਰਤ ਸਮੇਂ ਅੰਦਰ ਸੁਰੱਖਿਆ ਰਾਸ਼ੀ ਜਮ੍ਹਾਂ ਕਰਵਾਉਣੀ ਪਵੇਗੀ। ਸਮੇਂ ਸਿਰ ਰਾਸ਼ੀ ਜਮ੍ਹਾਂ ਨਾ ਕਰਵਾਉਣ ਦੀ ਸੂਰਤ ਵਿਚ ਅਲਾਟਮੈਂਟ ਰੱਦ ਕਰ ਦਿੱਤੀ ਜਾਵੇਗੀ। ਇਸ ਸਬੰਧੀ ਕਿਸੇ ਵੀ ਵਿਵਾਦ ਦਾ ਫ਼ੈਸਲਾ ਆਬਕਾਰੀ ਕਮਿਸ਼ਨਰ ਦਾ ਅੰਤਿਮ ਹੋਵੇਗਾ। ਹੋਰ ਜਾਣਕਾਰੀ ਲਈ ਵਿਭਾਗ ਦੀ ਵੈੱਬਸਾਈਟ ਵੇਖੀ ਜਾ ਸਕਦੀ ਹੈ।
PR-Adv.No.-1235/2025-26/7	ਆਬਕਾਰੀ ਕਮਿਸ਼ਨਰ, ਪੰਜਾਬ
CMYK
